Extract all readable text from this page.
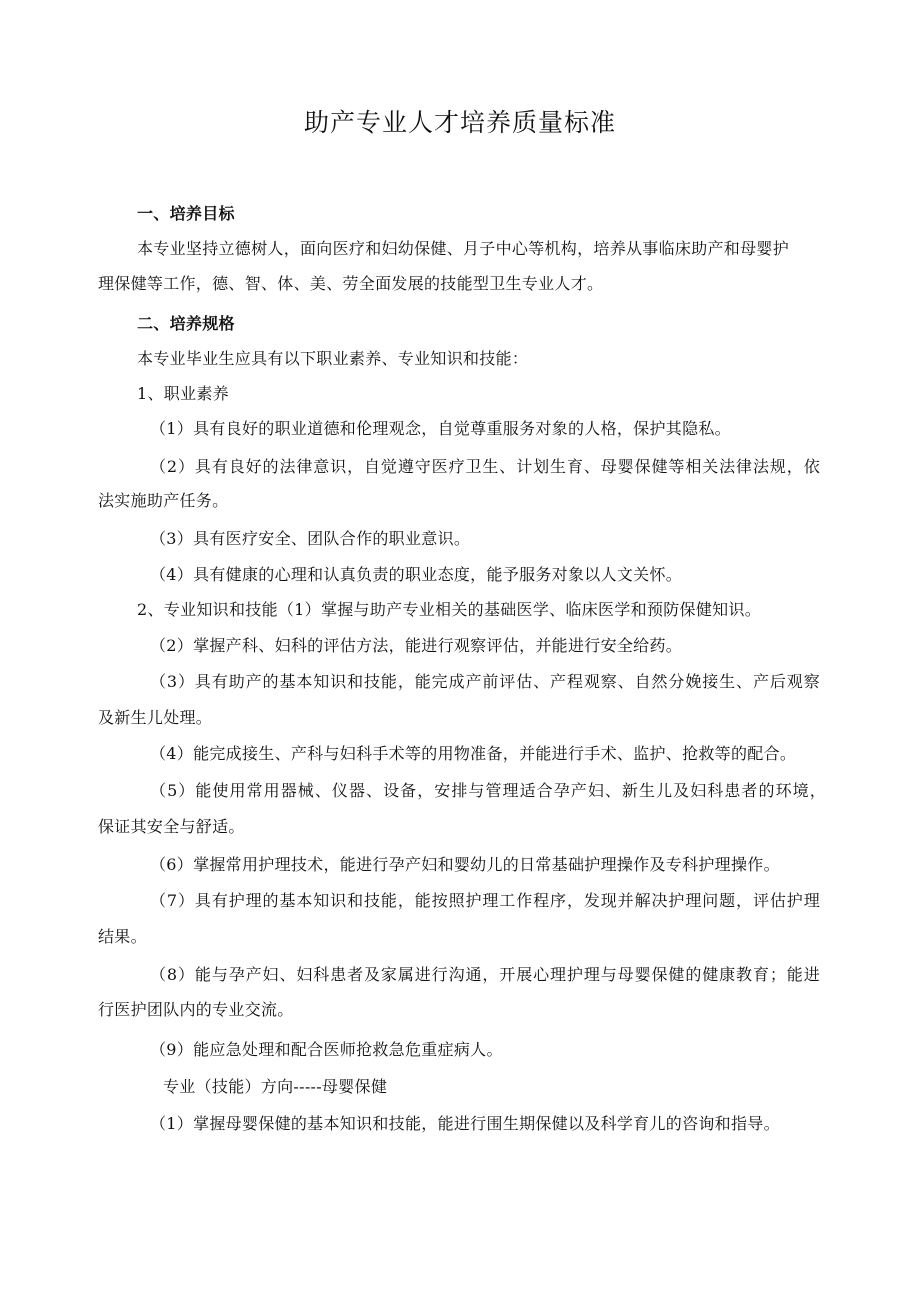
助产专业人才培养质量标准
一、培养目标
本专业坚持立德树人，面向医疗和妇幼保健、月子中心等机构，培养从事临床助产和母婴护
理保健等工作，德、智、体、美、劳全面发展的技能型卫生专业人才。
二、培养规格
本专业毕业生应具有以下职业素养、专业知识和技能：
1、职业素养
（1）具有良好的职业道德和伦理观念，自觉尊重服务对象的人格，保护其隐私。
（2）具有良好的法律意识，自觉遵守医疗卫生、计划生育、母婴保健等相关法律法规，依
法实施助产任务。
（3）具有医疗安全、团队合作的职业意识。
（4）具有健康的心理和认真负责的职业态度，能予服务对象以人文关怀。
2、专业知识和技能（1）掌握与助产专业相关的基础医学、临床医学和预防保健知识。
（2）掌握产科、妇科的评估方法，能进行观察评估，并能进行安全给药。
（3）具有助产的基本知识和技能，能完成产前评估、产程观察、自然分娩接生、产后观察
及新生儿处理。
（4）能完成接生、产科与妇科手术等的用物准备，并能进行手术、监护、抢救等的配合。
（5）能使用常用器械、仪器、设备，安排与管理适合孕产妇、新生儿及妇科患者的环境，
保证其安全与舒适。
（6）掌握常用护理技术，能进行孕产妇和婴幼儿的日常基础护理操作及专科护理操作。
（7）具有护理的基本知识和技能，能按照护理工作程序，发现并解决护理问题，评估护理
结果。
（8）能与孕产妇、妇科患者及家属进行沟通，开展心理护理与母婴保健的健康教育；能进
行医护团队内的专业交流。
（9）能应急处理和配合医师抢救急危重症病人。
专业（技能）方向-----母婴保健
（1）掌握母婴保健的基本知识和技能，能进行围生期保健以及科学育儿的咨询和指导。
